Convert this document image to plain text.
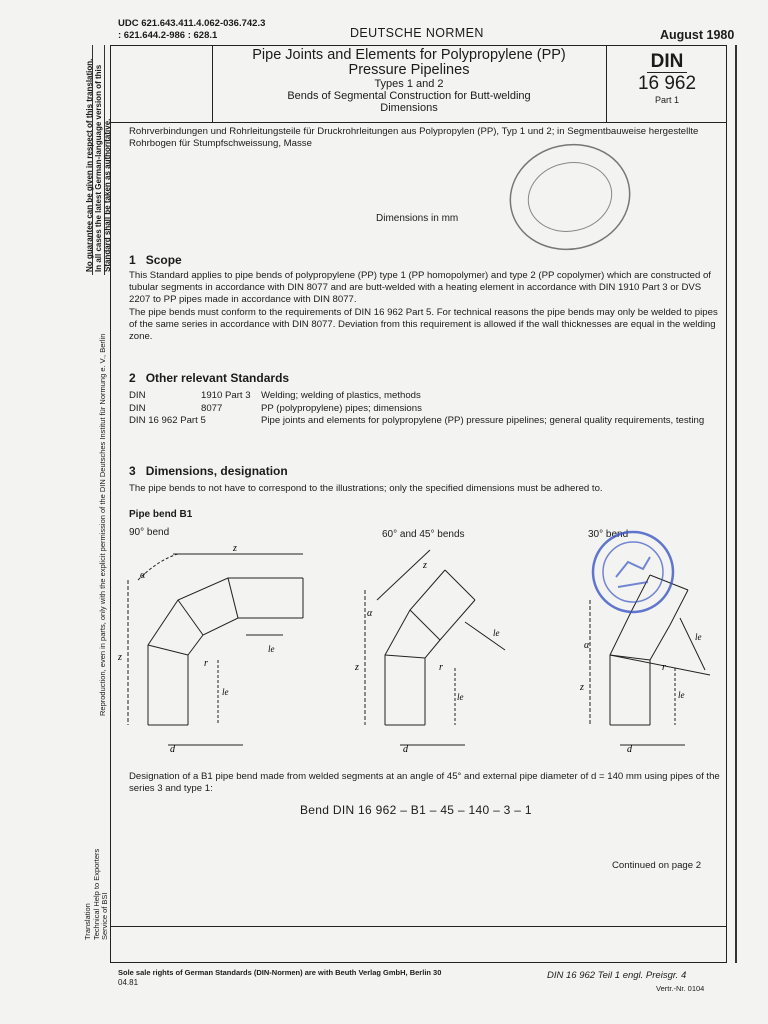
UDC 621.643.411.4.062-036.742.3
: 621.644.2-986 : 628.1	DEUTSCHE NORMEN	August 1980
No guarantee can be given in respect of this translation. In all cases the latest German-language version of this Standard shall be taken as authoritative.
Reproduction, even in parts, only with the explicit permission of the DIN Deutsches Institut für Normung e. V., Berlin
Translation Technical Help to Exporters Service of BSI
Pipe Joints and Elements for Polypropylene (PP)
Pressure Pipelines
Types 1 and 2
Bends of Segmental Construction for Butt-welding
Dimensions
DIN
16 962
Part 1
Rohrverbindungen und Rohrleitungsteile für Druckrohrleitungen aus Polypropylen (PP), Typ 1 und 2; in Segmentbauweise hergestellte Rohrbogen für Stumpfschweissung, Masse
Dimensions in mm
1 Scope
This Standard applies to pipe bends of polypropylene (PP) type 1 (PP homopolymer) and type 2 (PP copolymer) which are constructed of tubular segments in accordance with DIN 8077 and are butt-welded with a heating element in accordance with DIN 1910 Part 3 or DVS 2207 to PP pipes made in accordance with DIN 8077.
The pipe bends must conform to the requirements of DIN 16 962 Part 5. For technical reasons the pipe bends may only be welded to pipes of the same series in accordance with DIN 8077. Deviation from this requirement is allowed if the wall thicknesses are equal in the welding zone.
2 Other relevant Standards
DIN	1910 Part 3	Welding; welding of plastics, methods
DIN	8077	PP (polypropylene) pipes; dimensions
DIN 16 962 Part 5	Pipe joints and elements for polypropylene (PP) pressure pipelines; general quality requirements, testing
3 Dimensions, designation
The pipe bends to not have to correspond to the illustrations; only the specified dimensions must be adhered to.
Pipe bend B1
90° bend	60° and 45° bends	30° bend
z
z
d
le
le
r
α
z
z
d
le
le
r
α
z
d
le
le
r
α
Designation of a B1 pipe bend made from welded segments at an angle of 45° and external pipe diameter of d = 140 mm using pipes of the series 3 and type 1:
Bend DIN 16 962 – B1 – 45 – 140 – 3 – 1
Continued on page 2
Sole sale rights of German Standards (DIN-Normen) are with Beuth Verlag GmbH, Berlin 30
04.81
DIN 16 962 Teil 1 engl. Preisgr. 4
Vertr.-Nr. 0104
